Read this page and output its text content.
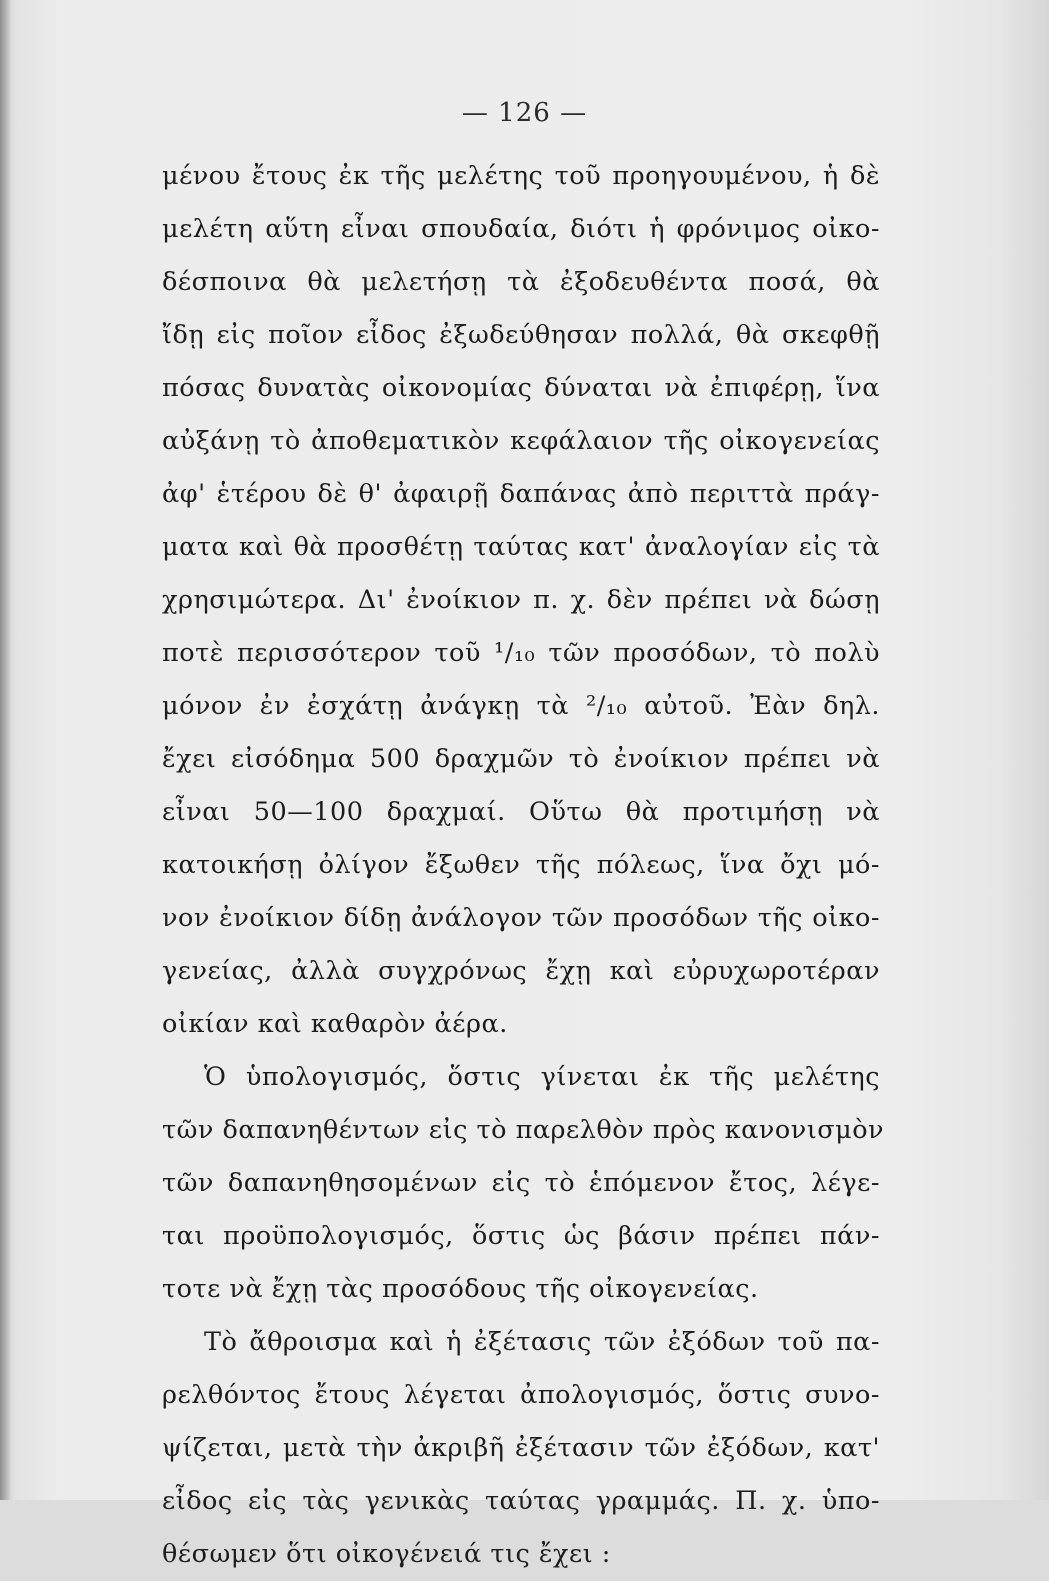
— 126 —
μένου ἔτους ἐκ τῆς μελέτης τοῦ προηγουμένου, ἡ δὲ
μελέτη αὕτη εἶναι σπουδαία, διότι ἡ φρόνιμος οἰκο-
δέσποινα θὰ μελετήσῃ τὰ ἐξοδευθέντα ποσά, θὰ
ἴδῃ εἰς ποῖον εἶδος ἐξωδεύθησαν πολλά, θὰ σκεφθῇ
πόσας δυνατὰς οἰκονομίας δύναται νὰ ἐπιφέρῃ, ἵνα
αὐξάνῃ τὸ ἀποθεματικὸν κεφάλαιον τῆς οἰκογενείας
ἀφ' ἑτέρου δὲ θ' ἀφαιρῇ δαπάνας ἀπὸ περιττὰ πράγ-
ματα καὶ θὰ προσθέτῃ ταύτας κατ' ἀναλογίαν εἰς τὰ
χρησιμώτερα. Δι' ἐνοίκιον π. χ. δὲν πρέπει νὰ δώσῃ
ποτὲ περισσότερον τοῦ ¹/₁₀ τῶν προσόδων, τὸ πολὺ
μόνον ἐν ἐσχάτῃ ἀνάγκῃ τὰ ²/₁₀ αὐτοῦ. Ἐὰν δηλ.
ἔχει εἰσόδημα 500 δραχμῶν τὸ ἐνοίκιον πρέπει νὰ
εἶναι 50—100 δραχμαί. Οὕτω θὰ προτιμήσῃ νὰ
κατοικήσῃ ὀλίγον ἔξωθεν τῆς πόλεως, ἵνα ὄχι μό-
νον ἐνοίκιον δίδῃ ἀνάλογον τῶν προσόδων τῆς οἰκο-
γενείας, ἀλλὰ συγχρόνως ἔχῃ καὶ εὐρυχωροτέραν
οἰκίαν καὶ καθαρὸν ἀέρα.
Ὁ ὑπολογισμός, ὅστις γίνεται ἐκ τῆς μελέτης
τῶν δαπανηθέντων εἰς τὸ παρελθὸν πρὸς κανονισμὸν
τῶν δαπανηθησομένων εἰς τὸ ἑπόμενον ἔτος, λέγε-
ται προϋπολογισμός, ὅστις ὡς βάσιν πρέπει πάν-
τοτε νὰ ἔχῃ τὰς προσόδους τῆς οἰκογενείας.
Τὸ ἄθροισμα καὶ ἡ ἐξέτασις τῶν ἐξόδων τοῦ πα-
ρελθόντος ἔτους λέγεται ἀπολογισμός, ὅστις συνο-
ψίζεται, μετὰ τὴν ἀκριβῆ ἐξέτασιν τῶν ἐξόδων, κατ'
εἶδος εἰς τὰς γενικὰς ταύτας γραμμάς. Π. χ. ὑπο-
θέσωμεν ὅτι οἰκογένειά τις ἔχει :
